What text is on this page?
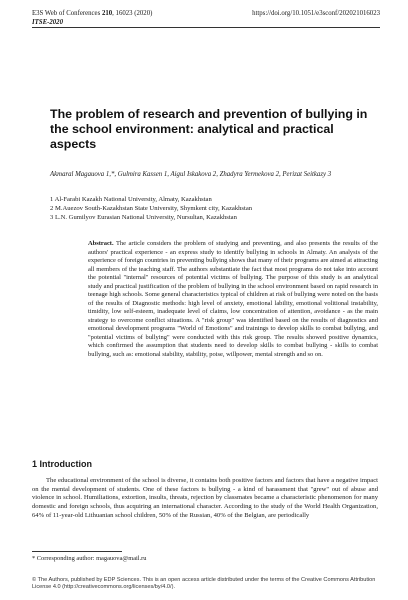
E3S Web of Conferences 210, 16023 (2020)	https://doi.org/10.1051/e3sconf/202021016023
ITSE-2020
The problem of research and prevention of bullying in the school environment: analytical and practical aspects
Akmaral Magauova 1,*, Gulmira Kassen 1, Aigul Iskakova 2, Zhadyra Yermekova 2, Perizat Seitkazy 3
1 Al-Farabi Kazakh National University, Almaty, Kazakhstan
2 M.Auezov South-Kazakhstan State University, Shymkent city, Kazakhstan
3 L.N. Gumilyov Eurasian National University, Nursultan, Kazakhstan
Abstract. The article considers the problem of studying and preventing, and also presents the results of the authors' practical experience - an express study to identify bullying in schools in Almaty. An analysis of the experience of foreign countries in preventing bullying shows that many of their programs are aimed at attracting all members of the teaching staff. The authors substantiate the fact that most programs do not take into account the potential "internal" resources of potential victims of bullying. The purpose of this study is an analytical study and practical justification of the problem of bullying in the school environment based on rapid research in teenage high schools. Some general characteristics typical of children at risk of bullying were noted on the basis of the results of Diagnostic methods: high level of anxiety, emotional lability, emotional volitional instability, timidity, low self-esteem, inadequate level of claims, low concentration of attention, avoidance - as the main strategy to overcome conflict situations. A "risk group" was identified based on the results of diagnostics and emotional development programs "World of Emotions" and trainings to develop skills to combat bullying, and "potential victims of bullying" were conducted with this risk group. The results showed positive dynamics, which confirmed the assumption that students need to develop skills to combat bullying - skills to combat bullying, such as: emotional stability, stability, poise, willpower, mental strength and so on.
1 Introduction
The educational environment of the school is diverse, it contains both positive factors and factors that have a negative impact on the mental development of students. One of these factors is bullying - a kind of harassment that "grew" out of abuse and violence in school. Humiliations, extortion, insults, threats, rejection by classmates became a characteristic phenomenon for many domestic and foreign schools, thus acquiring an international character. According to the study of the World Health Organization, 64% of 11-year-old Lithuanian school children, 50% of the Russian, 40% of the Belgian, are periodically
* Corresponding author: magauova@mail.ru
© The Authors, published by EDP Sciences. This is an open access article distributed under the terms of the Creative Commons Attribution License 4.0 (http://creativecommons.org/licenses/by/4.0/).
